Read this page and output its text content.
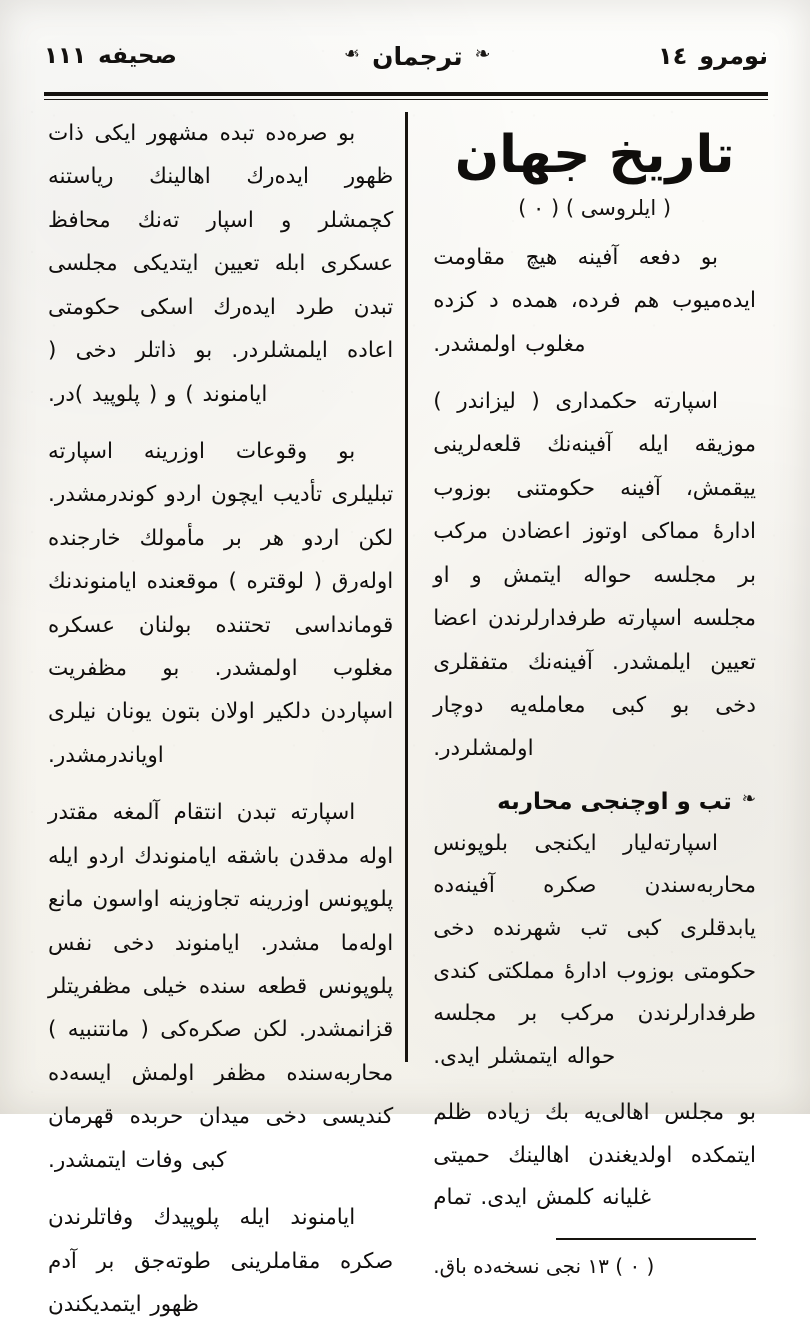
نومرو
١٤
❧
ترجمان
❧
صحیفه
١١١
تاریخ جهان
( ایلروسی ) ( ٠ )

بو دفعه آفینه هیچ مقاومت ایده‌میوب هم فرده‌، همده د کزده مغلوب اولمشدر.

اسپارته حکمداری ( لیزاندر ) موزیقه ایله آفینه‌نك قلعه‌لرینی ییقمش، آفینه حکومتنی بوزوب اداره‌ٔ مماکی اوتوز اعضادن مرکب بر مجلسه حواله ایتمش و او مجلسه اسپارته طرفدارلرندن اعضا تعیین ایلمشدر. آفینه‌نك متفقلری دخی بو کبی معامله‌یه دوچار اولمشلردر.

❧
تب و اوچنجی محاربه

اسپارته‌لیار ایکنجی بلوپونس محاربه‌سندن صکره آفینه‌ده یابدقلری کبی تب شهرنده دخی حکومتی بوزوب اداره‌ٔ مملکتی کندی طرفدارلرندن مرکب بر مجلسه حواله ایتمشلر ایدی.

بو مجلس اهالی‌یه بك زیاده ظلم ایتمکده اولدیغندن اهالینك حمیتی غلیانه کلمش ایدی. تمام

( ٠ ) ١٣ نجی نسخه‌ده باق.

بو صرەده تبده مشهور ایکی ذات ظهور ایده‌رك اهالینك ریاستنه کچمشلر و اسپار تەنك محافظ عسکری ابله تعیین ایتدیکی مجلسی تبدن طرد ایده‌رك اسکی حکومتی اعاده ایلمشلردر. بو ذاتلر دخی ( ایامنوند ) و ( پلوپید )‌در.

بو وقوعات اوزرینه اسپارته تبلیلری تأدیب ایچون اردو کوندرمشدر. لکن اردو هر بر مأمولك خارجنده اولەرق ( لوقتره ) موقعنده ایامنوندنك قومانداسی تحتنده بولنان عسکره مغلوب اولمشدر. بو مظفریت اسپاردن دلکیر اولان بتون یونان نیلری اویاندرمشدر.

اسپارته تبدن انتقام آلمغه مقتدر اوله مدقدن باشقه ایامنوندك اردو ایله پلوپونس اوزرینه تجاوزینه اواسون مانع اولەما مشدر. ایامنوند دخی نفس پلوپونس قطعه سنده خیلی مظفریتلر قزانمشدر. لکن صکره‌کی ( مانتنبیه ) محاربه‌سنده مظفر اولمش ایسه‌ده کندیسی دخی میدان حربده قهرمان کبی وفات ایتمشدر.

ایامنوند ایله پلوپیدك وفاتلرندن صکره مقاملرینی طوته‌جق بر آدم ظهور ایتمدیکندن
